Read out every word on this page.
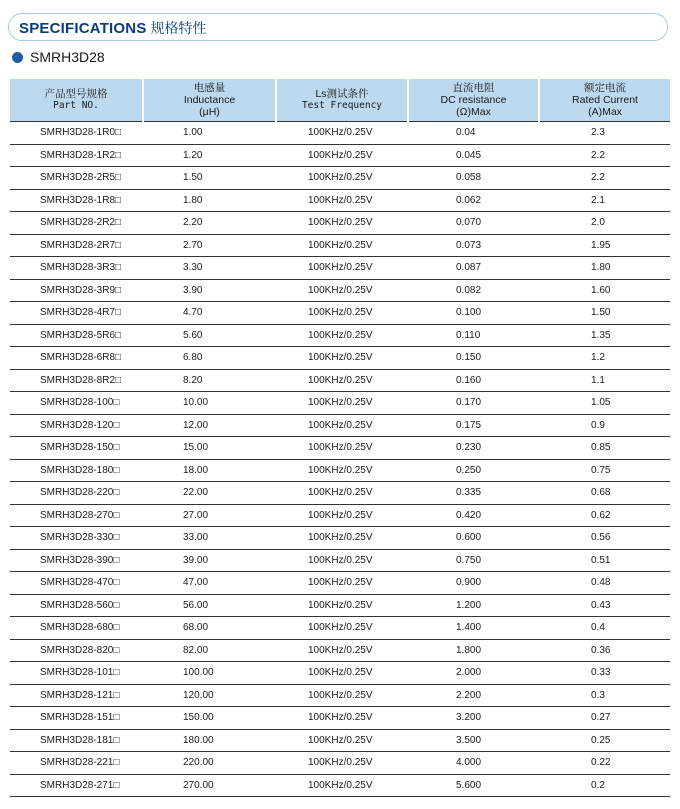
SPECIFICATIONS 规格特性
SMRH3D28
产品型号规格
Part NO.	电感量
Inductance
(μH)	Ls测试条件
Test Frequency	直流电阻
DC resistance
(Ω)Max	额定电流
Rated Current
(A)Max

SMRH3D28-1R0□	1.00	100KHz/0.25V	0.04	2.3
SMRH3D28-1R2□	1.20	100KHz/0.25V	0.045	2.2
SMRH3D28-2R5□	1.50	100KHz/0.25V	0.058	2.2
SMRH3D28-1R8□	1.80	100KHz/0.25V	0.062	2.1
SMRH3D28-2R2□	2.20	100KHz/0.25V	0.070	2.0
SMRH3D28-2R7□	2.70	100KHz/0.25V	0.073	1.95
SMRH3D28-3R3□	3.30	100KHz/0.25V	0.087	1.80
SMRH3D28-3R9□	3.90	100KHz/0.25V	0.082	1.60
SMRH3D28-4R7□	4.70	100KHz/0.25V	0.100	1.50
SMRH3D28-5R6□	5.60	100KHz/0.25V	0.110	1.35
SMRH3D28-6R8□	6.80	100KHz/0.25V	0.150	1.2
SMRH3D28-8R2□	8.20	100KHz/0.25V	0.160	1.1
SMRH3D28-100□	10.00	100KHz/0.25V	0.170	1.05
SMRH3D28-120□	12.00	100KHz/0.25V	0.175	0.9
SMRH3D28-150□	15.00	100KHz/0.25V	0.230	0.85
SMRH3D28-180□	18.00	100KHz/0.25V	0.250	0.75
SMRH3D28-220□	22.00	100KHz/0.25V	0.335	0.68
SMRH3D28-270□	27.00	100KHz/0.25V	0.420	0.62
SMRH3D28-330□	33.00	100KHz/0.25V	0.600	0.56
SMRH3D28-390□	39.00	100KHz/0.25V	0.750	0.51
SMRH3D28-470□	47.00	100KHz/0.25V	0.900	0.48
SMRH3D28-560□	56.00	100KHz/0.25V	1.200	0.43
SMRH3D28-680□	68.00	100KHz/0.25V	1.400	0.4
SMRH3D28-820□	82.00	100KHz/0.25V	1.800	0.36
SMRH3D28-101□	100.00	100KHz/0.25V	2.000	0.33
SMRH3D28-121□	120.00	100KHz/0.25V	2.200	0.3
SMRH3D28-151□	150.00	100KHz/0.25V	3.200	0.27
SMRH3D28-181□	180.00	100KHz/0.25V	3.500	0.25
SMRH3D28-221□	220.00	100KHz/0.25V	4.000	0.22
SMRH3D28-271□	270.00	100KHz/0.25V	5.600	0.2
